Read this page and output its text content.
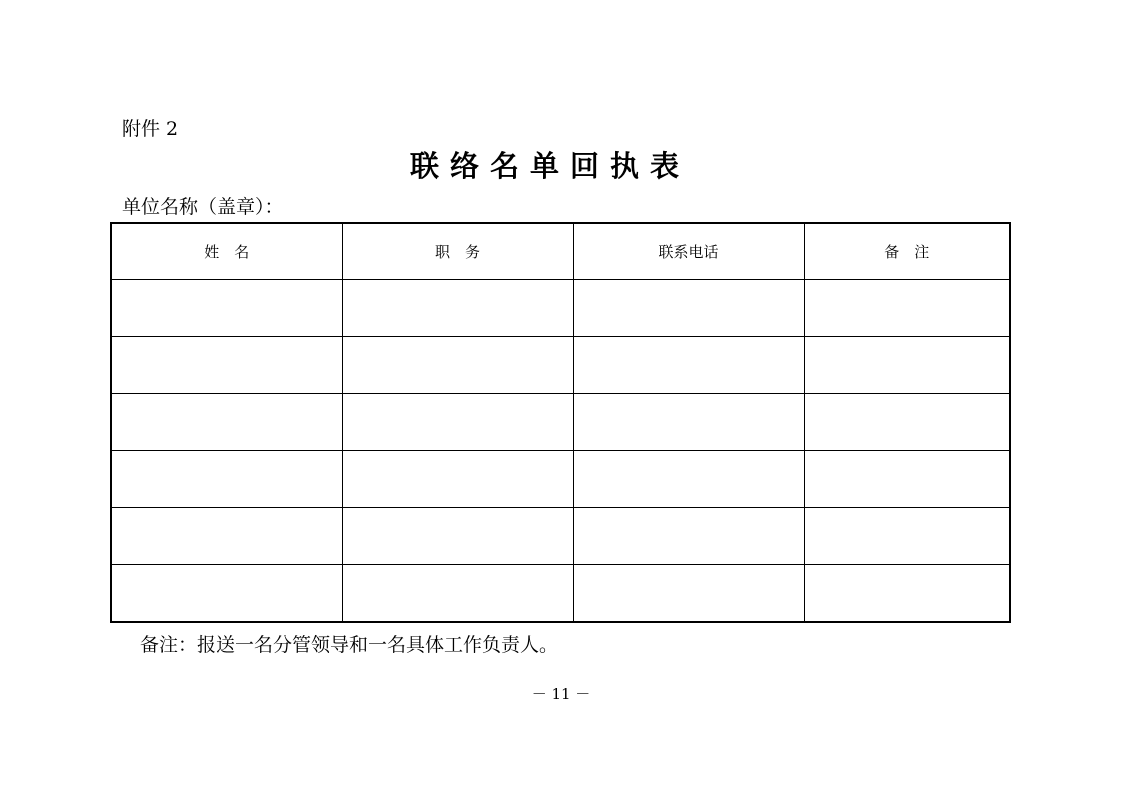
附件 2
联络名单回执表
单位名称（盖章）：
姓　名	职　务	联系电话	备　注

备注：报送一名分管领导和一名具体工作负责人。
－ 11 －
